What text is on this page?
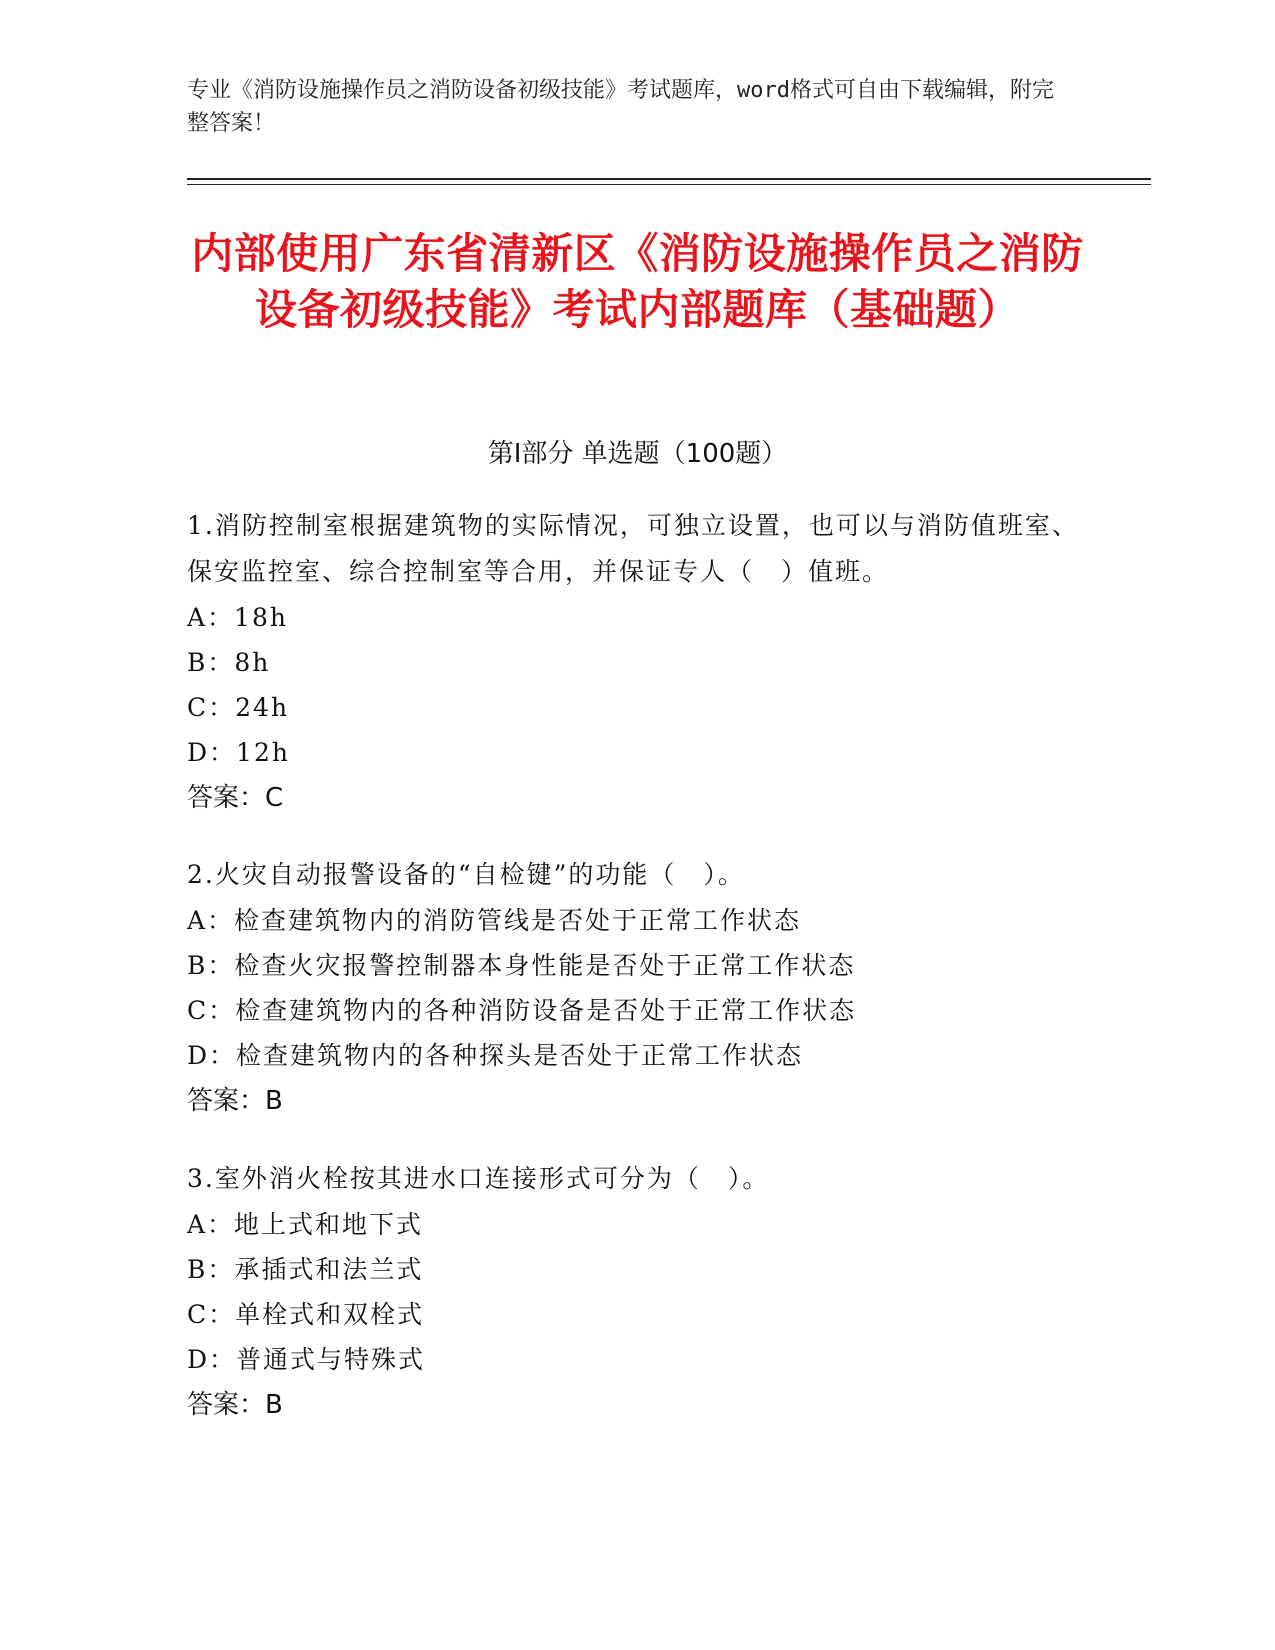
专业《消防设施操作员之消防设备初级技能》考试题库，word格式可自由下载编辑，附完整答案！
内部使用广东省清新区《消防设施操作员之消防设备初级技能》考试内部题库（基础题）
第Ⅰ部分 单选题（100题）
1.消防控制室根据建筑物的实际情况，可独立设置，也可以与消防值班室、保安监控室、综合控制室等合用，并保证专人（　）值班。
A：18h
B：8h
C：24h
D：12h
答案：C
2.火灾自动报警设备的“自检键”的功能（　）。
A：检查建筑物内的消防管线是否处于正常工作状态
B：检查火灾报警控制器本身性能是否处于正常工作状态
C：检查建筑物内的各种消防设备是否处于正常工作状态
D：检查建筑物内的各种探头是否处于正常工作状态
答案：B
3.室外消火栓按其进水口连接形式可分为（　）。
A：地上式和地下式
B：承插式和法兰式
C：单栓式和双栓式
D：普通式与特殊式
答案：B
